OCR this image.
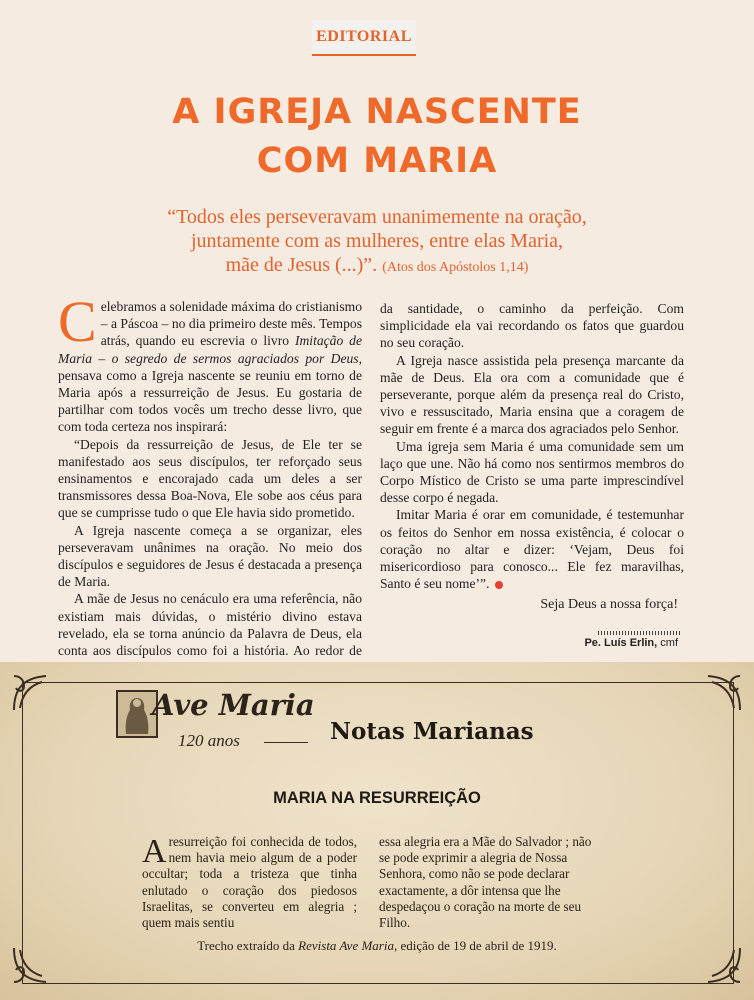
EDITORIAL
A IGREJA NASCENTE
COM MARIA

“Todos eles perseveravam unanimemente na oração,
juntamente com as mulheres, entre elas Maria,
mãe de Jesus (...)”. (Atos dos Apóstolos 1,14)

Celebramos a solenidade máxima do cristianismo – a Páscoa – no dia primeiro deste mês. Tempos atrás, quando eu escrevia o livro Imitação de Maria – o segredo de sermos agraciados por Deus, pensava como a Igreja nascente se reuniu em torno de Maria após a ressurreição de Jesus. Eu gostaria de partilhar com todos vocês um trecho desse livro, que com toda certeza nos inspirará:

“Depois da ressurreição de Jesus, de Ele ter se manifestado aos seus discípulos, ter reforçado seus ensinamentos e encorajado cada um deles a ser transmissores dessa Boa-Nova, Ele sobe aos céus para que se cumprisse tudo o que Ele havia sido prometido.

A Igreja nascente começa a se organizar, eles perseveravam unânimes na oração. No meio dos discípulos e seguidores de Jesus é destacada a presença de Maria.

A mãe de Jesus no cenáculo era uma referência, não existiam mais dúvidas, o mistério divino estava revelado, ela se torna anúncio da Palavra de Deus, ela conta aos discípulos como foi a história. Ao redor de

da santidade, o caminho da perfeição. Com simplicidade ela vai recordando os fatos que guardou no seu coração.

A Igreja nasce assistida pela presença marcante da mãe de Deus. Ela ora com a comunidade que é perseverante, porque além da presença real do Cristo, vivo e ressuscitado, Maria ensina que a coragem de seguir em frente é a marca dos agraciados pelo Senhor.

Uma igreja sem Maria é uma comunidade sem um laço que une. Não há como nos sentirmos membros do Corpo Místico de Cristo se uma parte imprescindível desse corpo é negada.

Imitar Maria é orar em comunidade, é testemunhar os feitos do Senhor em nossa existência, é colocar o coração no altar e dizer: ‘Vejam, Deus foi misericordioso para conosco... Ele fez maravilhas, Santo é seu nome’”.

Seja Deus a nossa força!

Pe. Luís Erlin, cmf

Ave Maria

120 anos	Notas Marianas
MARIA NA RESURREIÇÃO

Aresurreição foi conhecida de todos, nem havia meio algum de a poder occultar; toda a tristeza que tinha enlutado o coração dos piedosos Israelitas, se converteu em alegria ; quem mais sentiu

essa alegria era a Mãe do Salvador ; não se pode exprimir a alegria de Nossa Senhora, como não se pode declarar exactamente, a dôr intensa que lhe despedaçou o coração na morte de seu Filho.

Trecho extraído da Revista Ave Maria, edição de 19 de abril de 1919.
